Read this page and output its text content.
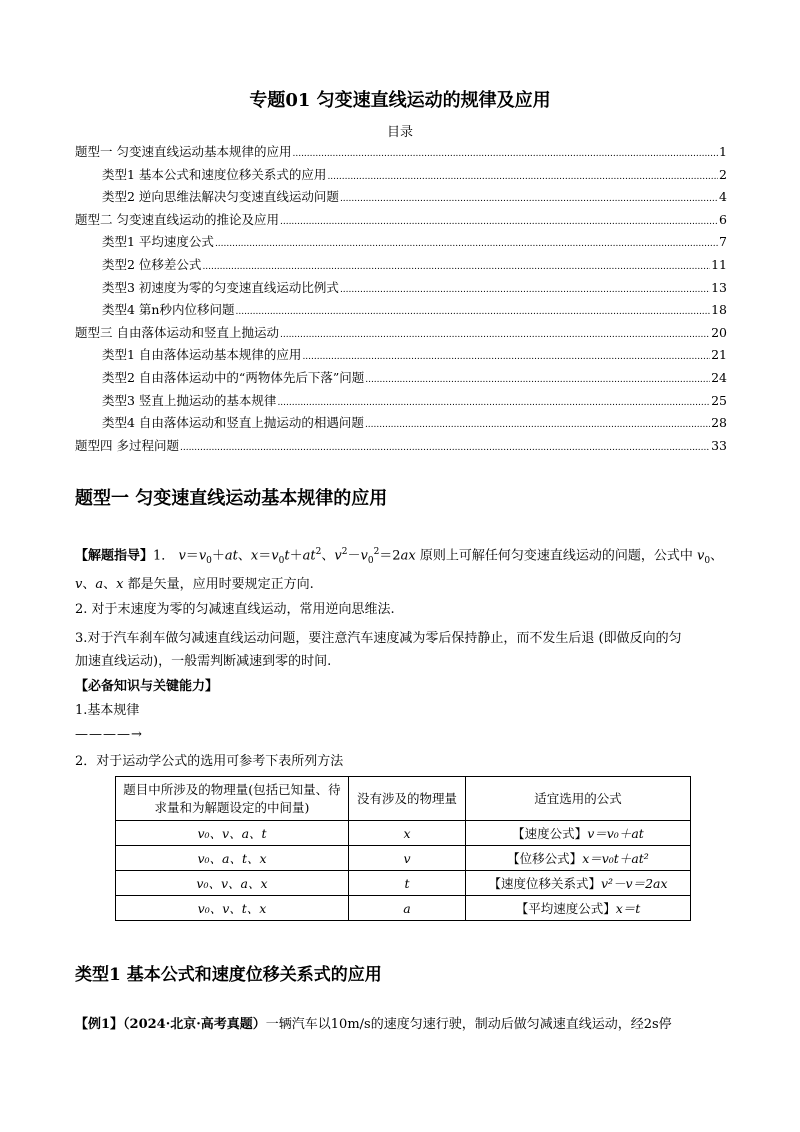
专题01 匀变速直线运动的规律及应用
目录
题型一 匀变速直线运动基本规律的应用 .....	1
类型1 基本公式和速度位移关系式的应用 .....	2
类型2 逆向思维法解决匀变速直线运动问题 .....	4
题型二 匀变速直线运动的推论及应用 .....	6
类型1 平均速度公式 .....	7
类型2 位移差公式 .....	11
类型3 初速度为零的匀变速直线运动比例式 .....	13
类型4 第n秒内位移问题 .....	18
题型三 自由落体运动和竖直上抛运动 .....	20
类型1 自由落体运动基本规律的应用 .....	21
类型2 自由落体运动中的“两物体先后下落”问题 .....	24
类型3 竖直上抛运动的基本规律 .....	25
类型4 自由落体运动和竖直上抛运动的相遇问题 .....	28
题型四 多过程问题 .....	33
题型一 匀变速直线运动基本规律的应用
【解题指导】1． $v=v_0+at$、$x=v_0t+at^2$、$v^2-v_0^2=2ax$ 原则上可解任何匀变速直线运动的问题，公式中 $v_0$、
v、a、x 都是矢量，应用时要规定正方向.
2. 对于末速度为零的匀减速直线运动，常用逆向思维法.
3.对于汽车刹车做匀减速直线运动问题，要注意汽车速度减为零后保持静止，而不发生后退 (即做反向的匀
加速直线运动)，一般需判断减速到零的时间.
【必备知识与关键能力】
1.基本规律
————→
2．对于运动学公式的选用可参考下表所列方法
题目中所涉及的物理量(包括已知量、待求量和为解题设定的中间量)	没有涉及的物理量	适宜选用的公式
v₀、v、a、t	x	【速度公式】v＝v₀＋at
v₀、a、t、x	v	【位移公式】x＝v₀t＋at²
v₀、v、a、x	t	【速度位移关系式】v²－v＝2ax
v₀、v、t、x	a	【平均速度公式】x＝t
类型1 基本公式和速度位移关系式的应用
【例1】（2024·北京·高考真题）一辆汽车以10m/s的速度匀速行驶，制动后做匀减速直线运动，经2s停
